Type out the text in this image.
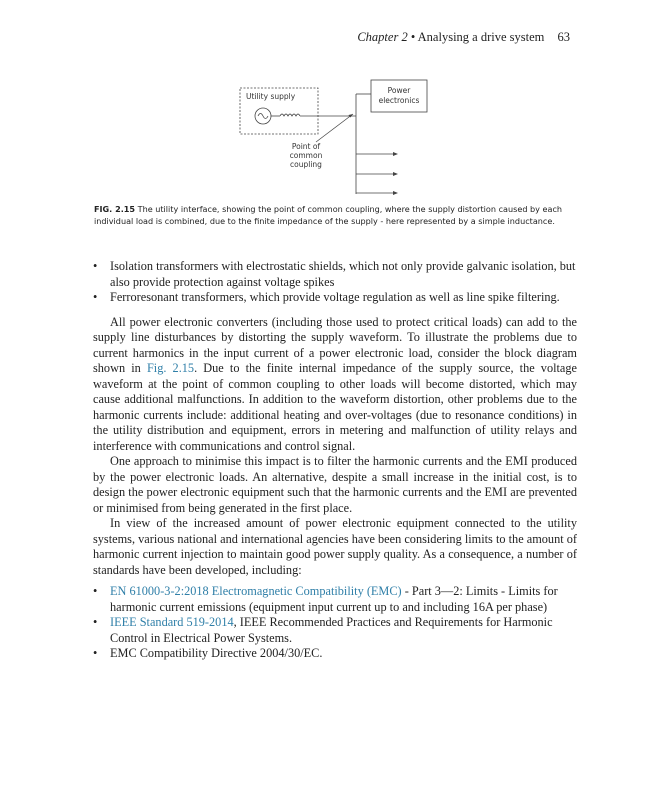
Chapter 2 • Analysing a drive system 63
Utility supply
Power
electronics
Point of
common
coupling
FIG. 2.15 The utility interface, showing the point of common coupling, where the supply distortion caused by each individual load is combined, due to the finite impedance of the supply - here represented by a simple inductance.
• Isolation transformers with electrostatic shields, which not only provide galvanic isolation, but also provide protection against voltage spikes
• Ferroresonant transformers, which provide voltage regulation as well as line spike filtering.

All power electronic converters (including those used to protect critical loads) can add to the supply line disturbances by distorting the supply waveform. To illustrate the problems due to current harmonics in the input current of a power electronic load, consider the block diagram shown in Fig. 2.15. Due to the finite internal impedance of the supply source, the voltage waveform at the point of common coupling to other loads will become distorted, which may cause additional malfunctions. In addition to the waveform distortion, other problems due to the harmonic currents include: additional heating and over-voltages (due to resonance conditions) in the utility distribution and equipment, errors in metering and malfunction of utility relays and interference with communications and control signal.

One approach to minimise this impact is to filter the harmonic currents and the EMI produced by the power electronic loads. An alternative, despite a small increase in the initial cost, is to design the power electronic equipment such that the harmonic currents and the EMI are prevented or minimised from being generated in the first place.

In view of the increased amount of power electronic equipment connected to the utility systems, various national and international agencies have been considering limits to the amount of harmonic current injection to maintain good power supply quality. As a consequence, a number of standards have been developed, including:

• EN 61000-3-2:2018 Electromagnetic Compatibility (EMC) - Part 3—2: Limits - Limits for harmonic current emissions (equipment input current up to and including 16A per phase)
• IEEE Standard 519-2014, IEEE Recommended Practices and Requirements for Harmonic Control in Electrical Power Systems.
• EMC Compatibility Directive 2004/30/EC.
